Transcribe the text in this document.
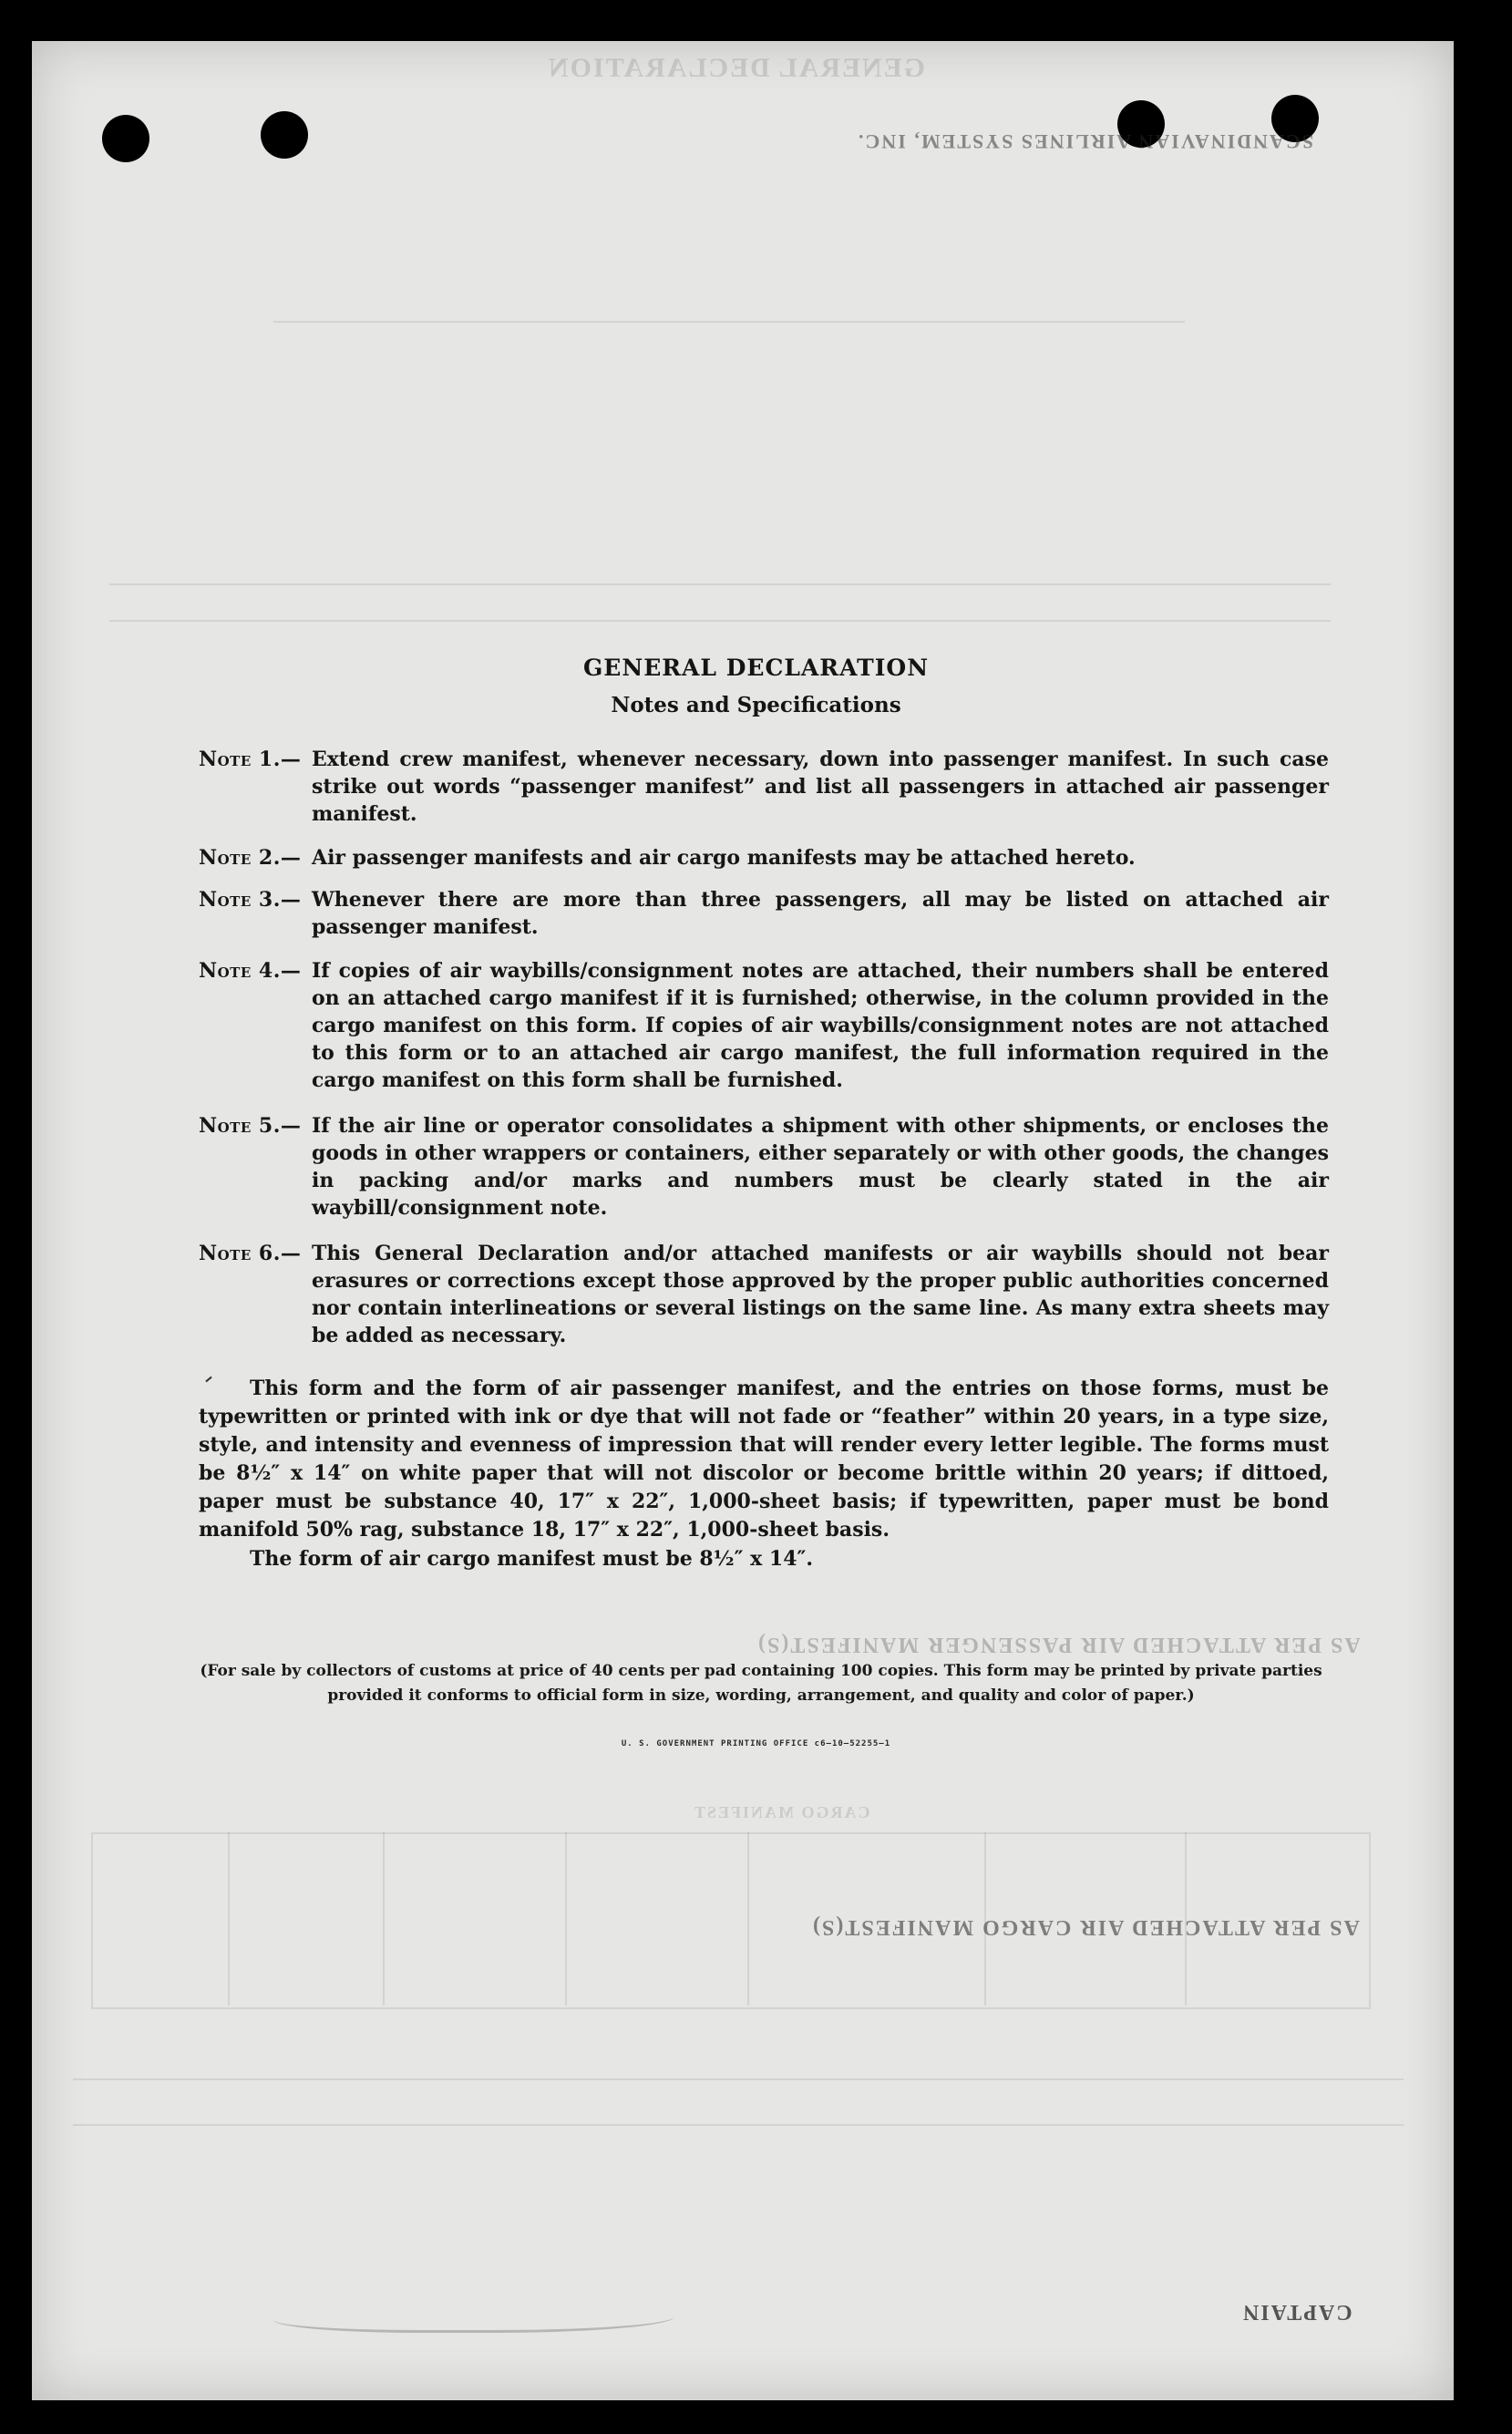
GENERAL DECLARATION
SCANDINAVIAN AIRLINES SYSTEM, INC.
AS PER ATTACHED AIR PASSENGER MANIFEST(S)
CARGO MANIFEST
AS PER ATTACHED AIR CARGO MANIFEST(S)
CAPTAIN
GENERAL DECLARATION
Notes and Specifications
Note 1.— Extend crew manifest, whenever necessary, down into passenger manifest. In such case strike out words “passenger manifest” and list all passengers in attached air passenger manifest.
Note 2.— Air passenger manifests and air cargo manifests may be attached hereto.
Note 3.— Whenever there are more than three passengers, all may be listed on attached air passenger manifest.
Note 4.— If copies of air waybills/consignment notes are attached, their numbers shall be entered on an attached cargo manifest if it is furnished; otherwise, in the column provided in the cargo manifest on this form. If copies of air waybills/consignment notes are not attached to this form or to an attached air cargo manifest, the full information required in the cargo manifest on this form shall be furnished.
Note 5.— If the air line or operator consolidates a shipment with other shipments, or encloses the goods in other wrappers or containers, either separately or with other goods, the changes in packing and/or marks and numbers must be clearly stated in the air waybill/consignment note.
Note 6.— This General Declaration and/or attached manifests or air waybills should not bear erasures or corrections except those approved by the proper public authorities concerned nor contain interlineations or several listings on the same line. As many extra sheets may be added as necessary.
This form and the form of air passenger manifest, and the entries on those forms, must be typewritten or printed with ink or dye that will not fade or “feather” within 20 years, in a type size, style, and intensity and evenness of impression that will render every letter legible. The forms must be 8½″ x 14″ on white paper that will not discolor or become brittle within 20 years; if dittoed, paper must be substance 40, 17″ x 22″, 1,000-sheet basis; if typewritten, paper must be bond manifold 50% rag, substance 18, 17″ x 22″, 1,000-sheet basis.
The form of air cargo manifest must be 8½″ x 14″.
(For sale by collectors of customs at price of 40 cents per pad containing 100 copies. This form may be printed by private parties provided it conforms to official form in size, wording, arrangement, and quality and color of paper.)
U. S. GOVERNMENT PRINTING OFFICE c6—10—52255—1
